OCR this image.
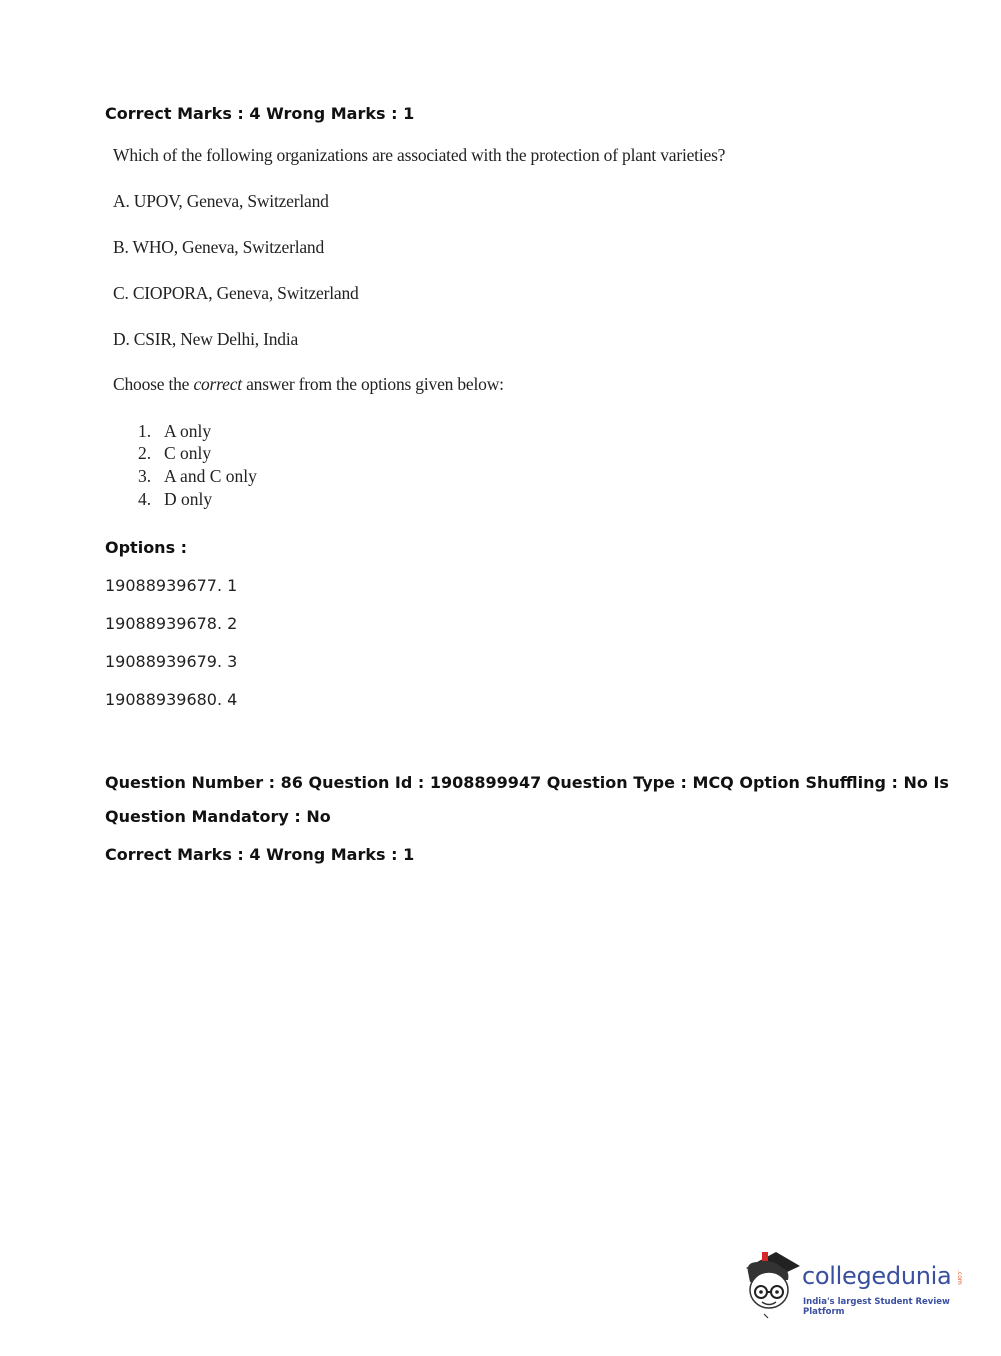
Correct Marks : 4 Wrong Marks : 1
Which of the following organizations are associated with the protection of plant varieties?
A. UPOV, Geneva, Switzerland
B. WHO, Geneva, Switzerland
C. CIOPORA, Geneva, Switzerland
D. CSIR, New Delhi, India
Choose the correct answer from the options given below:
1. A only
2. C only
3. A and C only
4. D only
Options :
19088939677. 1
19088939678. 2
19088939679. 3
19088939680. 4
Question Number : 86 Question Id : 1908899947 Question Type : MCQ Option Shuffling : No Is
Question Mandatory : No
Correct Marks : 4 Wrong Marks : 1
collegedunia .com
India's largest Student Review Platform
